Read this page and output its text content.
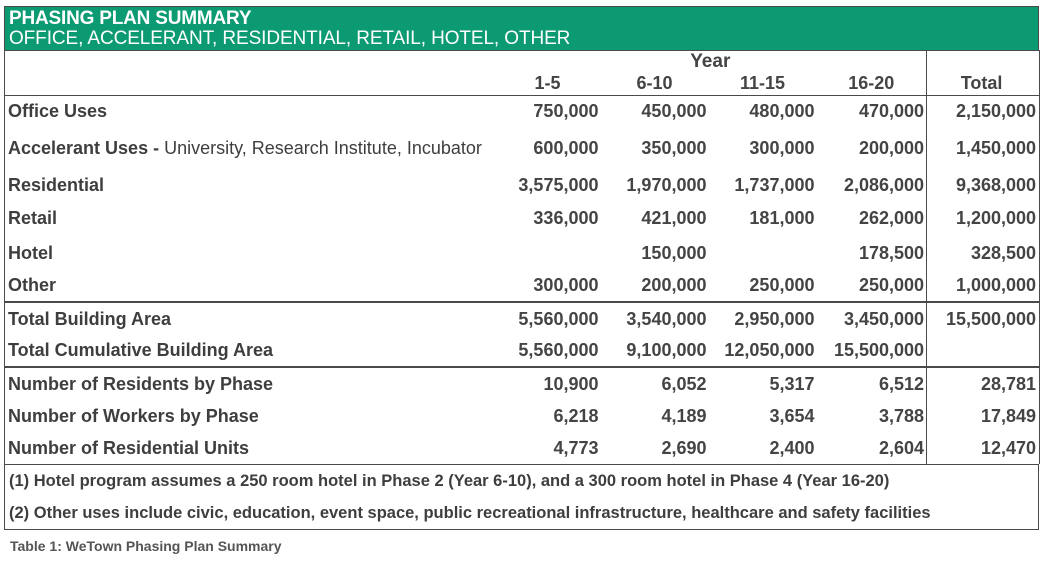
PHASING PLAN SUMMARY
OFFICE, ACCELERANT, RESIDENTIAL, RETAIL, HOTEL, OTHER
	Year				
	1-5	6-10	11-15	16-20	Total
Office Uses	750,000	450,000	480,000	470,000	2,150,000

Accelerant Uses - University, Research Institute, Incubator	600,000	350,000	300,000	200,000	1,450,000
Residential	3,575,000	1,970,000	1,737,000	2,086,000	9,368,000
Retail	336,000	421,000	181,000	262,000	1,200,000
Hotel		150,000		178,500	328,500
Other	300,000	200,000	250,000	250,000	1,000,000
Total Building Area	5,560,000	3,540,000	2,950,000	3,450,000	15,500,000
Total Cumulative Building Area	5,560,000	9,100,000	12,050,000	15,500,000	
Number of Residents by Phase	10,900	6,052	5,317	6,512	28,781
Number of Workers by Phase	6,218	4,189	3,654	3,788	17,849
Number of Residential Units	4,773	2,690	2,400	2,604	12,470
(1) Hotel program assumes a 250 room hotel in Phase 2 (Year 6-10), and a 300 room hotel in Phase 4 (Year 16-20)
(2) Other uses include civic, education, event space, public recreational infrastructure, healthcare and safety facilities
Table 1: WeTown Phasing Plan Summary
